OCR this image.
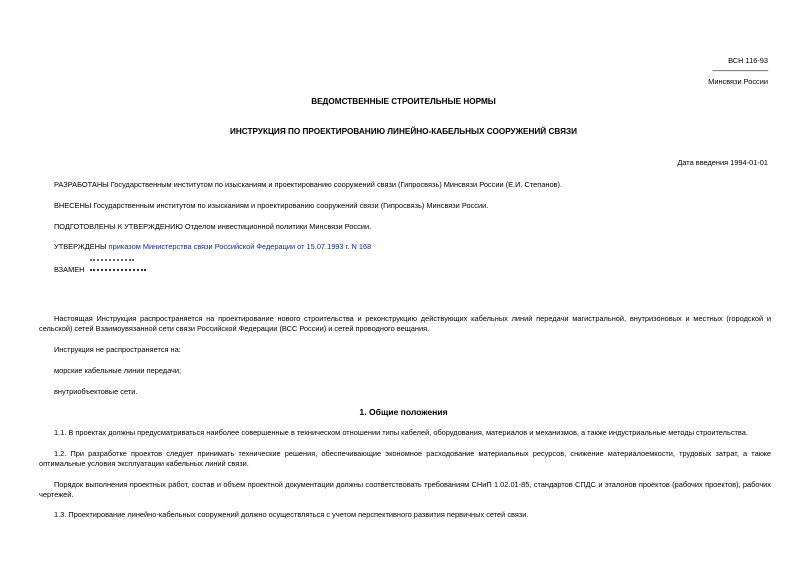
ВСН 116-93
------------------------------
Минсвязи России
ВЕДОМСТВЕННЫЕ СТРОИТЕЛЬНЫЕ НОРМЫ
ИНСТРУКЦИЯ ПО ПРОЕКТИРОВАНИЮ ЛИНЕЙНО-КАБЕЛЬНЫХ СООРУЖЕНИЙ СВЯЗИ
Дата введения 1994-01-01
РАЗРАБОТАНЫ Государственным институтом по изысканиям и проектированию сооружений связи (Гипросвязь) Минсвязи России (Е.И. Степанов).
ВНЕСЕНЫ Государственным институтом по изысканиям и проектированию сооружений связи (Гипросвязь) Минсвязи России.
ПОДГОТОВЛЕНЫ К УТВЕРЖДЕНИЮ Отделом инвестиционной политики Минсвязи России.
УТВЕРЖДЕНЫ приказом Министерства связи Российской Федерации от 15.07.1993 г. N 168
ВЗАМЕН
Настоящая Инструкция распространяется на проектирование нового строительства и реконструкцию действующих кабельных линий передачи магистральной, внутризоновых и местных (городской и сельской) сетей Взаимоувязанной сети связи Российской Федерации (ВСС России) и сетей проводного вещания.
Инструкция не распространяется на:
морские кабельные линии передачи;
внутриобъектовые сети.
1. Общие положения
1.1. В проектах должны предусматриваться наиболее совершенные в техническом отношении типы кабелей, оборудования, материалов и механизмов, а также индустриальные методы строительства.
1.2. При разработке проектов следует принимать технические решения, обеспечивающие экономное расходование материальных ресурсов, снижение материалоемкости, трудовых затрат, а также оптимальные условия эксплуатации кабельных линий связи.
Порядок выполнения проектных работ, состав и объем проектной документации должны соответствовать требованиям СНиП 1.02.01-85, стандартов СПДС и эталонов проектов (рабочих проектов), рабочих чертежей.
1.3. Проектирование линейно-кабельных сооружений должно осуществляться с учетом перспективного развития первичных сетей связи.
